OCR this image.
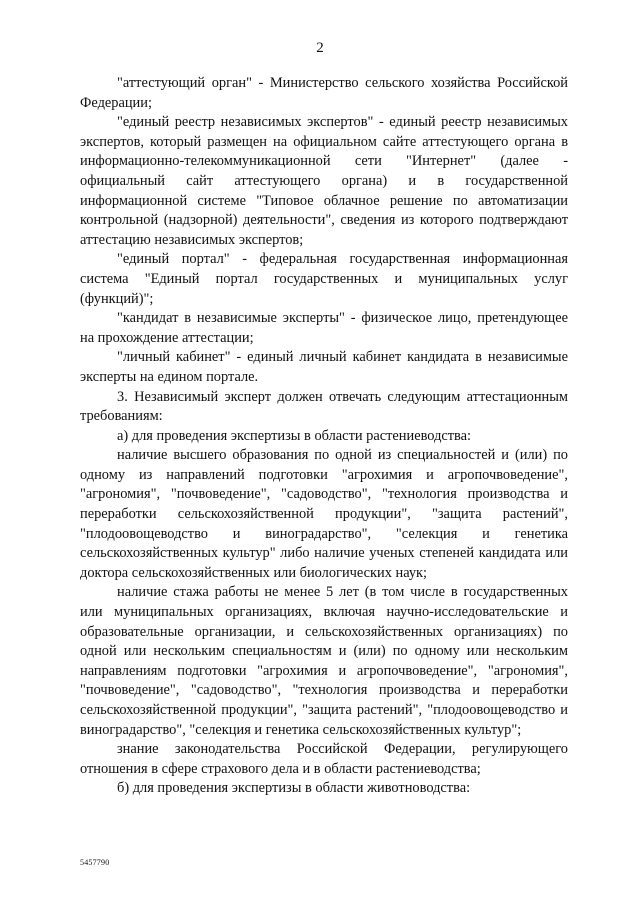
2

"аттестующий орган" - Министерство сельского хозяйства Российской Федерации;

"единый реестр независимых экспертов" - единый реестр независимых экспертов, который размещен на официальном сайте аттестующего органа в информационно-телекоммуникационной сети "Интернет" (далее - официальный сайт аттестующего органа) и в государственной информационной системе "Типовое облачное решение по автоматизации контрольной (надзорной) деятельности", сведения из которого подтверждают аттестацию независимых экспертов;

"единый портал" - федеральная государственная информационная система "Единый портал государственных и муниципальных услуг (функций)";

"кандидат в независимые эксперты" - физическое лицо, претендующее на прохождение аттестации;

"личный кабинет" - единый личный кабинет кандидата в независимые эксперты на едином портале.

3. Независимый эксперт должен отвечать следующим аттестационным требованиям:

а) для проведения экспертизы в области растениеводства:

наличие высшего образования по одной из специальностей и (или) по одному из направлений подготовки "агрохимия и агропочвоведение", "агрономия", "почвоведение", "садоводство", "технология производства и переработки сельскохозяйственной продукции", "защита растений", "плодоовощеводство и виноградарство", "селекция и генетика сельскохозяйственных культур" либо наличие ученых степеней кандидата или доктора сельскохозяйственных или биологических наук;

наличие стажа работы не менее 5 лет (в том числе в государственных или муниципальных организациях, включая научно-исследовательские и образовательные организации, и сельскохозяйственных организациях) по одной или нескольким специальностям и (или) по одному или нескольким направлениям подготовки "агрохимия и агропочвоведение", "агрономия", "почвоведение", "садоводство", "технология производства и переработки сельскохозяйственной продукции", "защита растений", "плодоовощеводство и виноградарство", "селекция и генетика сельскохозяйственных культур";

знание законодательства Российской Федерации, регулирующего отношения в сфере страхового дела и в области растениеводства;

б) для проведения экспертизы в области животноводства:

5457790
